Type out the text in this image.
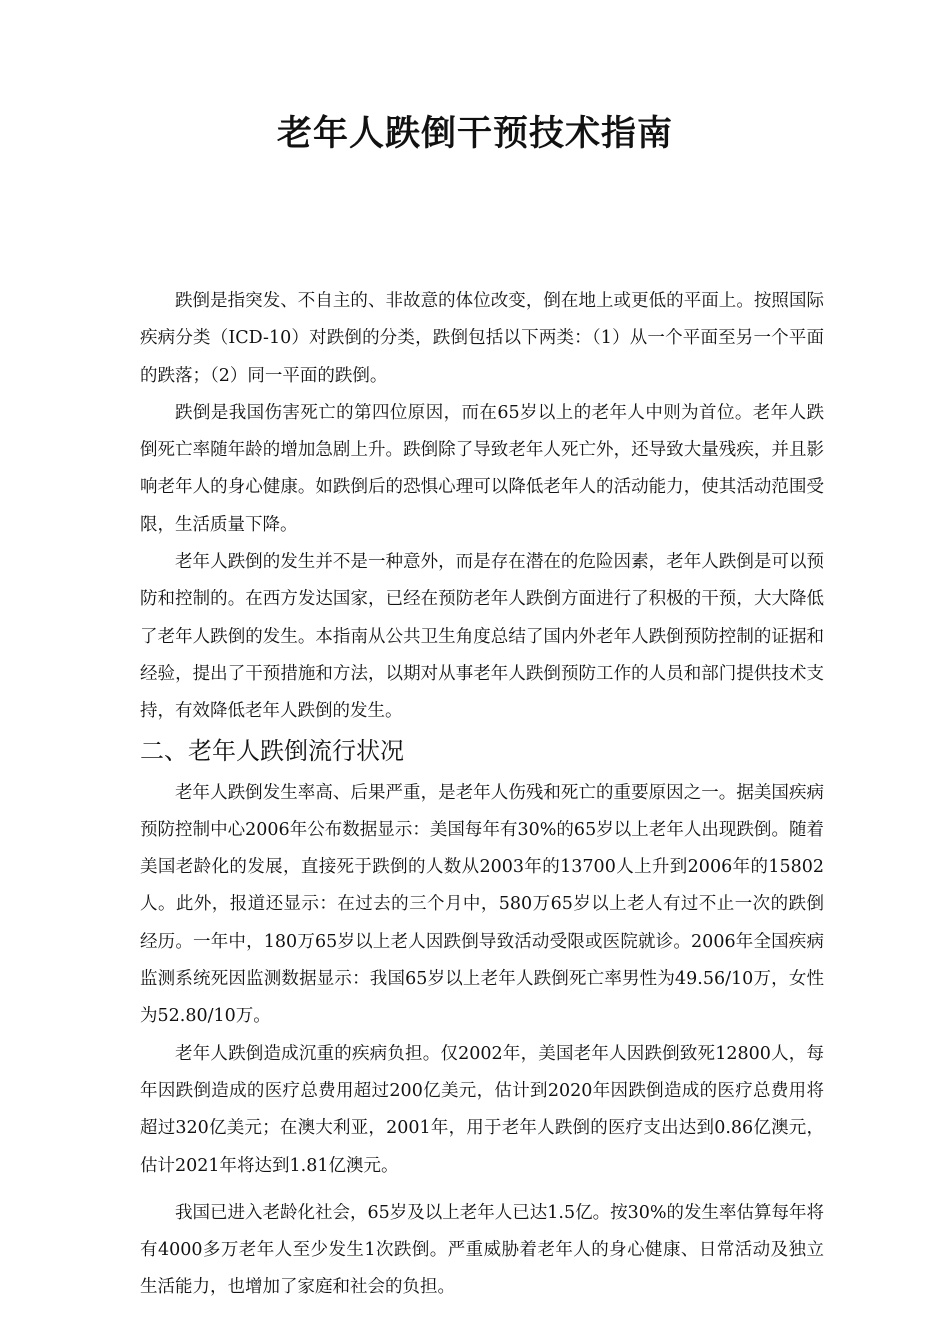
老年人跌倒干预技术指南

跌倒是指突发、不自主的、非故意的体位改变，倒在地上或更低的平面上。按照国际疾病分类（ICD-10）对跌倒的分类，跌倒包括以下两类：（1）从一个平面至另一个平面的跌落；（2）同一平面的跌倒。

跌倒是我国伤害死亡的第四位原因，而在65岁以上的老年人中则为首位。老年人跌倒死亡率随年龄的增加急剧上升。跌倒除了导致老年人死亡外，还导致大量残疾，并且影响老年人的身心健康。如跌倒后的恐惧心理可以降低老年人的活动能力，使其活动范围受限，生活质量下降。

老年人跌倒的发生并不是一种意外，而是存在潜在的危险因素，老年人跌倒是可以预防和控制的。在西方发达国家，已经在预防老年人跌倒方面进行了积极的干预，大大降低了老年人跌倒的发生。本指南从公共卫生角度总结了国内外老年人跌倒预防控制的证据和经验，提出了干预措施和方法，以期对从事老年人跌倒预防工作的人员和部门提供技术支持，有效降低老年人跌倒的发生。

二、老年人跌倒流行状况

老年人跌倒发生率高、后果严重，是老年人伤残和死亡的重要原因之一。据美国疾病预防控制中心2006年公布数据显示：美国每年有30%的65岁以上老年人出现跌倒。随着美国老龄化的发展，直接死于跌倒的人数从2003年的13700人上升到2006年的15802人。此外，报道还显示：在过去的三个月中，580万65岁以上老人有过不止一次的跌倒经历。一年中，180万65岁以上老人因跌倒导致活动受限或医院就诊。2006年全国疾病监测系统死因监测数据显示：我国65岁以上老年人跌倒死亡率男性为49.56/10万，女性为52.80/10万。

老年人跌倒造成沉重的疾病负担。仅2002年，美国老年人因跌倒致死12800人，每年因跌倒造成的医疗总费用超过200亿美元，估计到2020年因跌倒造成的医疗总费用将超过320亿美元；在澳大利亚，2001年，用于老年人跌倒的医疗支出达到0.86亿澳元，估计2021年将达到1.81亿澳元。

我国已进入老龄化社会，65岁及以上老年人已达1.5亿。按30%的发生率估算每年将有4000多万老年人至少发生1次跌倒。严重威胁着老年人的身心健康、日常活动及独立生活能力，也增加了家庭和社会的负担。
